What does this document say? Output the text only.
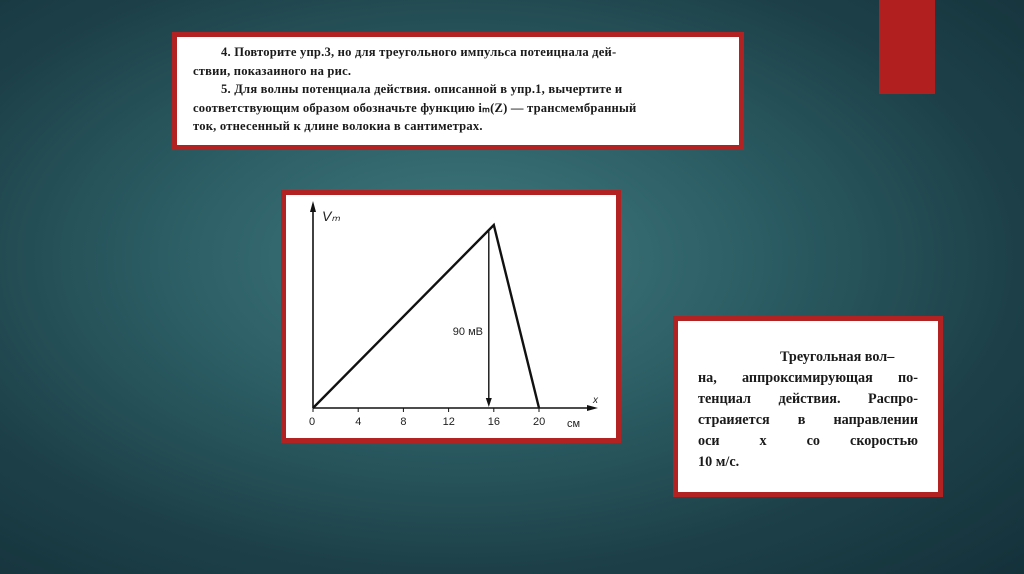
4. Повторите упр.3, но для треугольного импульса потеицнала дей-

ствии, показаиного на рис.

5. Для волны потенциала действия. описанной в упр.1, вычертите и

соответствующим образом обозначьте функцию iₘ(Z) — трансмембранный

ток, отнесенный к длине волокиа в сантиметрах.

Vₘ
x
см
0	4	8	12	16	20
90 мВ

Треугольная вол–

на, аппроксимирующая по-

тенциал действия. Распро-

страияется в направлении

оси    x    со   скоростью

10 м/с.
